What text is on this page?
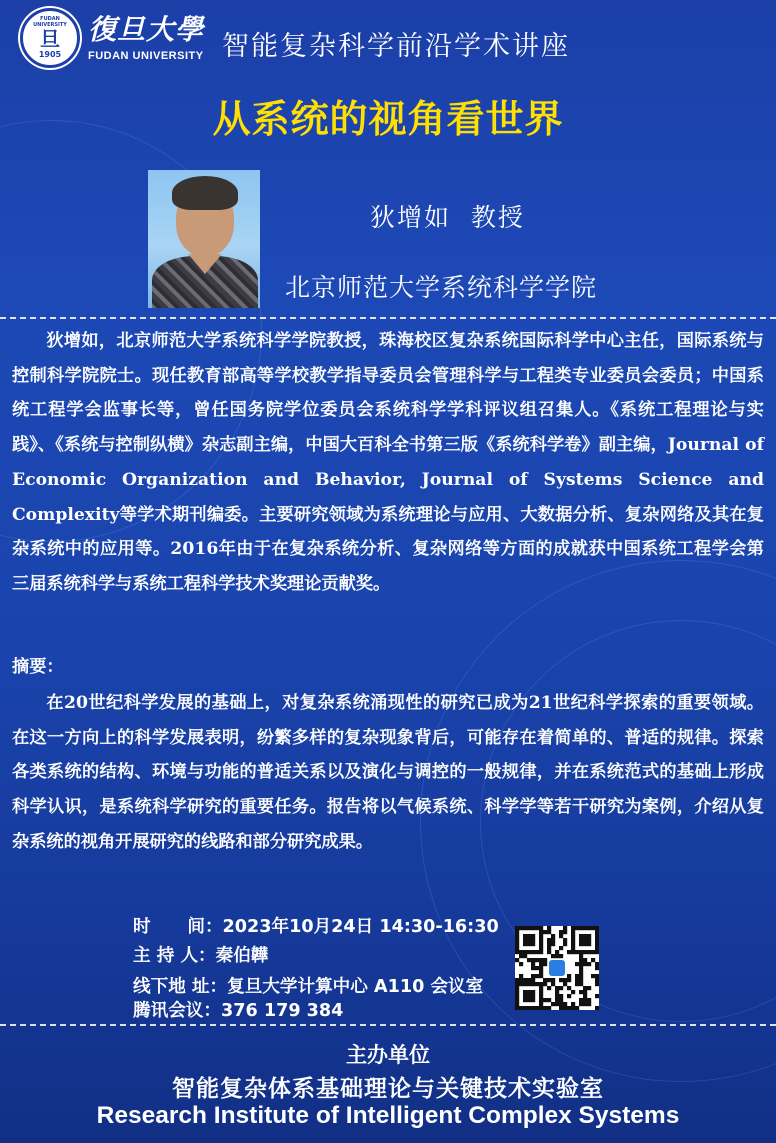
FUDAN UNIVERSITY
旦
1905
復旦大學
FUDAN UNIVERSITY 智能复杂科学前沿学术讲座
从系统的视角看世界
狄增如  教授
北京师范大学系统科学学院
狄增如，北京师范大学系统科学学院教授，珠海校区复杂系统国际科学中心主任，国际系统与控制科学院院士。现任教育部高等学校教学指导委员会管理科学与工程类专业委员会委员；中国系统工程学会监事长等，曾任国务院学位委员会系统科学学科评议组召集人。《系统工程理论与实践》、《系统与控制纵横》杂志副主编，中国大百科全书第三版《系统科学卷》副主编，Journal of Economic Organization and Behavior, Journal of Systems Science and Complexity等学术期刊编委。主要研究领域为系统理论与应用、大数据分析、复杂网络及其在复杂系统中的应用等。2016年由于在复杂系统分析、复杂网络等方面的成就获中国系统工程学会第三届系统科学与系统工程科学技术奖理论贡献奖。
摘要：
在20世纪科学发展的基础上，对复杂系统涌现性的研究已成为21世纪科学探索的重要领域。在这一方向上的科学发展表明，纷繁多样的复杂现象背后，可能存在着简单的、普适的规律。探索各类系统的结构、环境与功能的普适关系以及演化与调控的一般规律，并在系统范式的基础上形成科学认识，是系统科学研究的重要任务。报告将以气候系统、科学学等若干研究为案例，介绍从复杂系统的视角开展研究的线路和部分研究成果。
时      间：2023年10月24日 14:30-16:30
主 持 人：秦伯韡
线下地 址：复旦大学计算中心 A110 会议室
腾讯会议：376 179 384
主办单位
智能复杂体系基础理论与关键技术实验室
Research Institute of Intelligent Complex Systems
